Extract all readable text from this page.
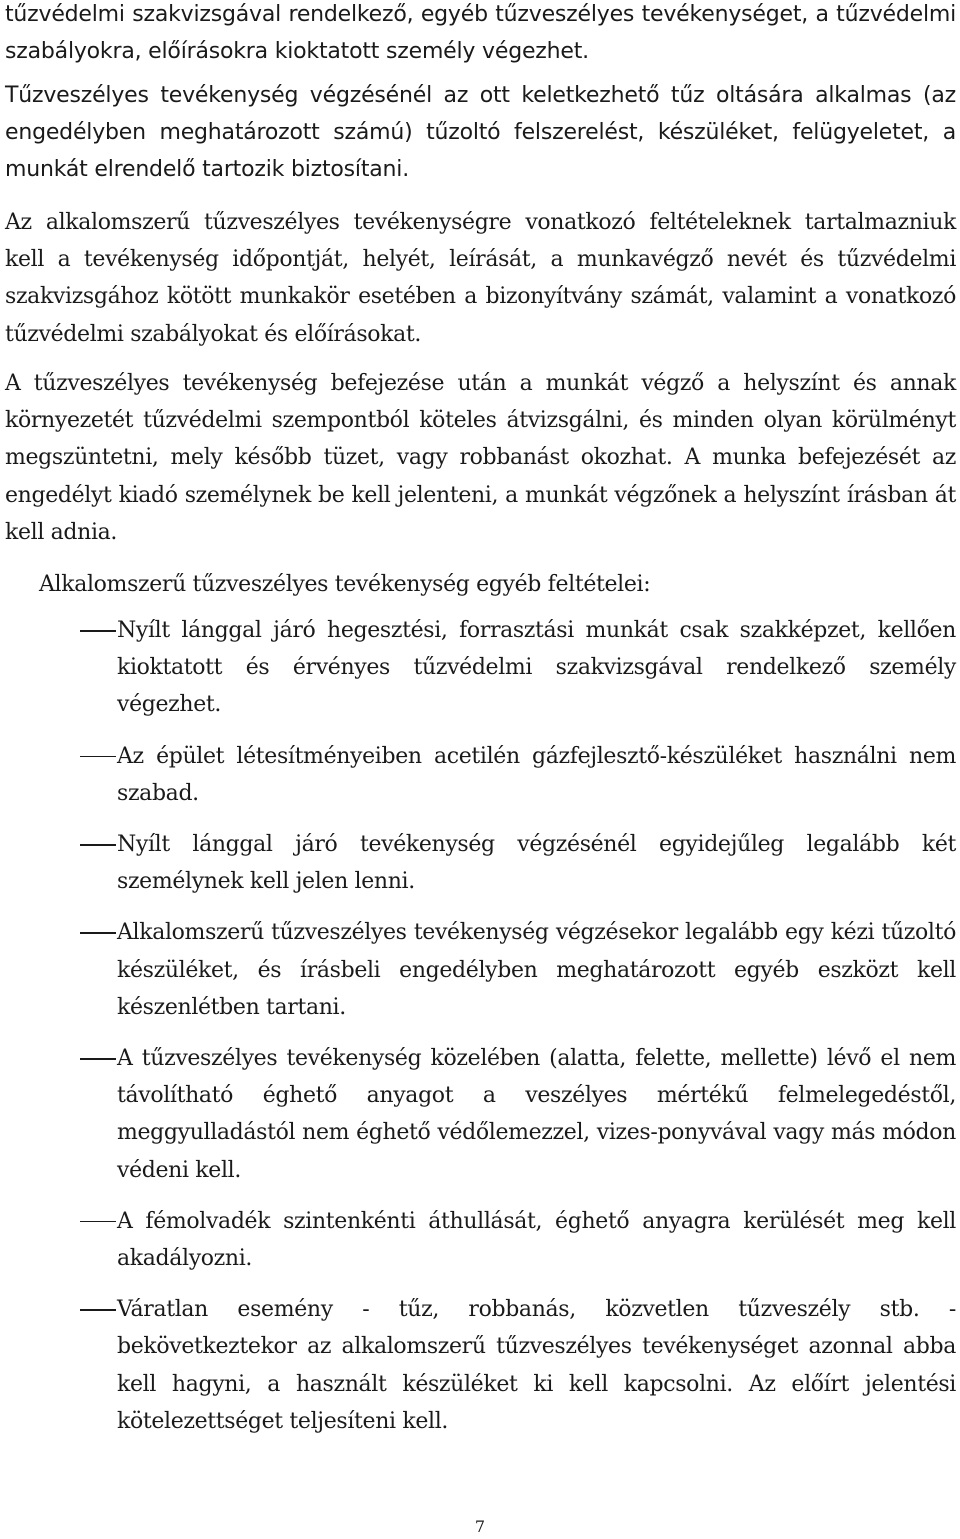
tűzvédelmi szakvizsgával rendelkező, egyéb tűzveszélyes tevékenységet, a tűzvédelmi szabályokra, előírásokra kioktatott személy végezhet.

Tűzveszélyes tevékenység végzésénél az ott keletkezhető tűz oltására alkalmas (az engedélyben meghatározott számú) tűzoltó felszerelést, készüléket, felügyeletet, a munkát elrendelő tartozik biztosítani.

Az alkalomszerű tűzveszélyes tevékenységre vonatkozó feltételeknek tartalmazniuk kell a tevékenység időpontját, helyét, leírását, a munkavégző nevét és tűzvédelmi szakvizsgához kötött munkakör esetében a bizonyítvány számát, valamint a vonatkozó tűzvédelmi szabályokat és előírásokat.

A tűzveszélyes tevékenység befejezése után a munkát végző a helyszínt és annak környezetét tűzvédelmi szempontból köteles átvizsgálni, és minden olyan körülményt megszüntetni, mely később tüzet, vagy robbanást okozhat. A munka befejezését az engedélyt kiadó személynek be kell jelenteni, a munkát végzőnek a helyszínt írásban át kell adnia.

Alkalomszerű tűzveszélyes tevékenység egyéb feltételei:

Nyílt lánggal járó hegesztési, forrasztási munkát csak szakképzet, kellően kioktatott és érvényes tűzvédelmi szakvizsgával rendelkező személy végezhet.
Az épület létesítményeiben acetilén gázfejlesztő-készüléket használni nem szabad.
Nyílt lánggal járó tevékenység végzésénél egyidejűleg legalább két személynek kell jelen lenni.
Alkalomszerű tűzveszélyes tevékenység végzésekor legalább egy kézi tűzoltó készüléket, és írásbeli engedélyben meghatározott egyéb eszközt kell készenlétben tartani.
A tűzveszélyes tevékenység közelében (alatta, felette, mellette) lévő el nem távolítható éghető anyagot a veszélyes mértékű felmelegedéstől, meggyulladástól nem éghető védőlemezzel, vizes-ponyvával vagy más módon védeni kell.
A fémolvadék szintenkénti áthullását, éghető anyagra kerülését meg kell akadályozni.
Váratlan esemény - tűz, robbanás, közvetlen tűzveszély stb. - bekövetkeztekor az alkalomszerű tűzveszélyes tevékenységet azonnal abba kell hagyni, a használt készüléket ki kell kapcsolni. Az előírt jelentési kötelezettséget teljesíteni kell.
7
